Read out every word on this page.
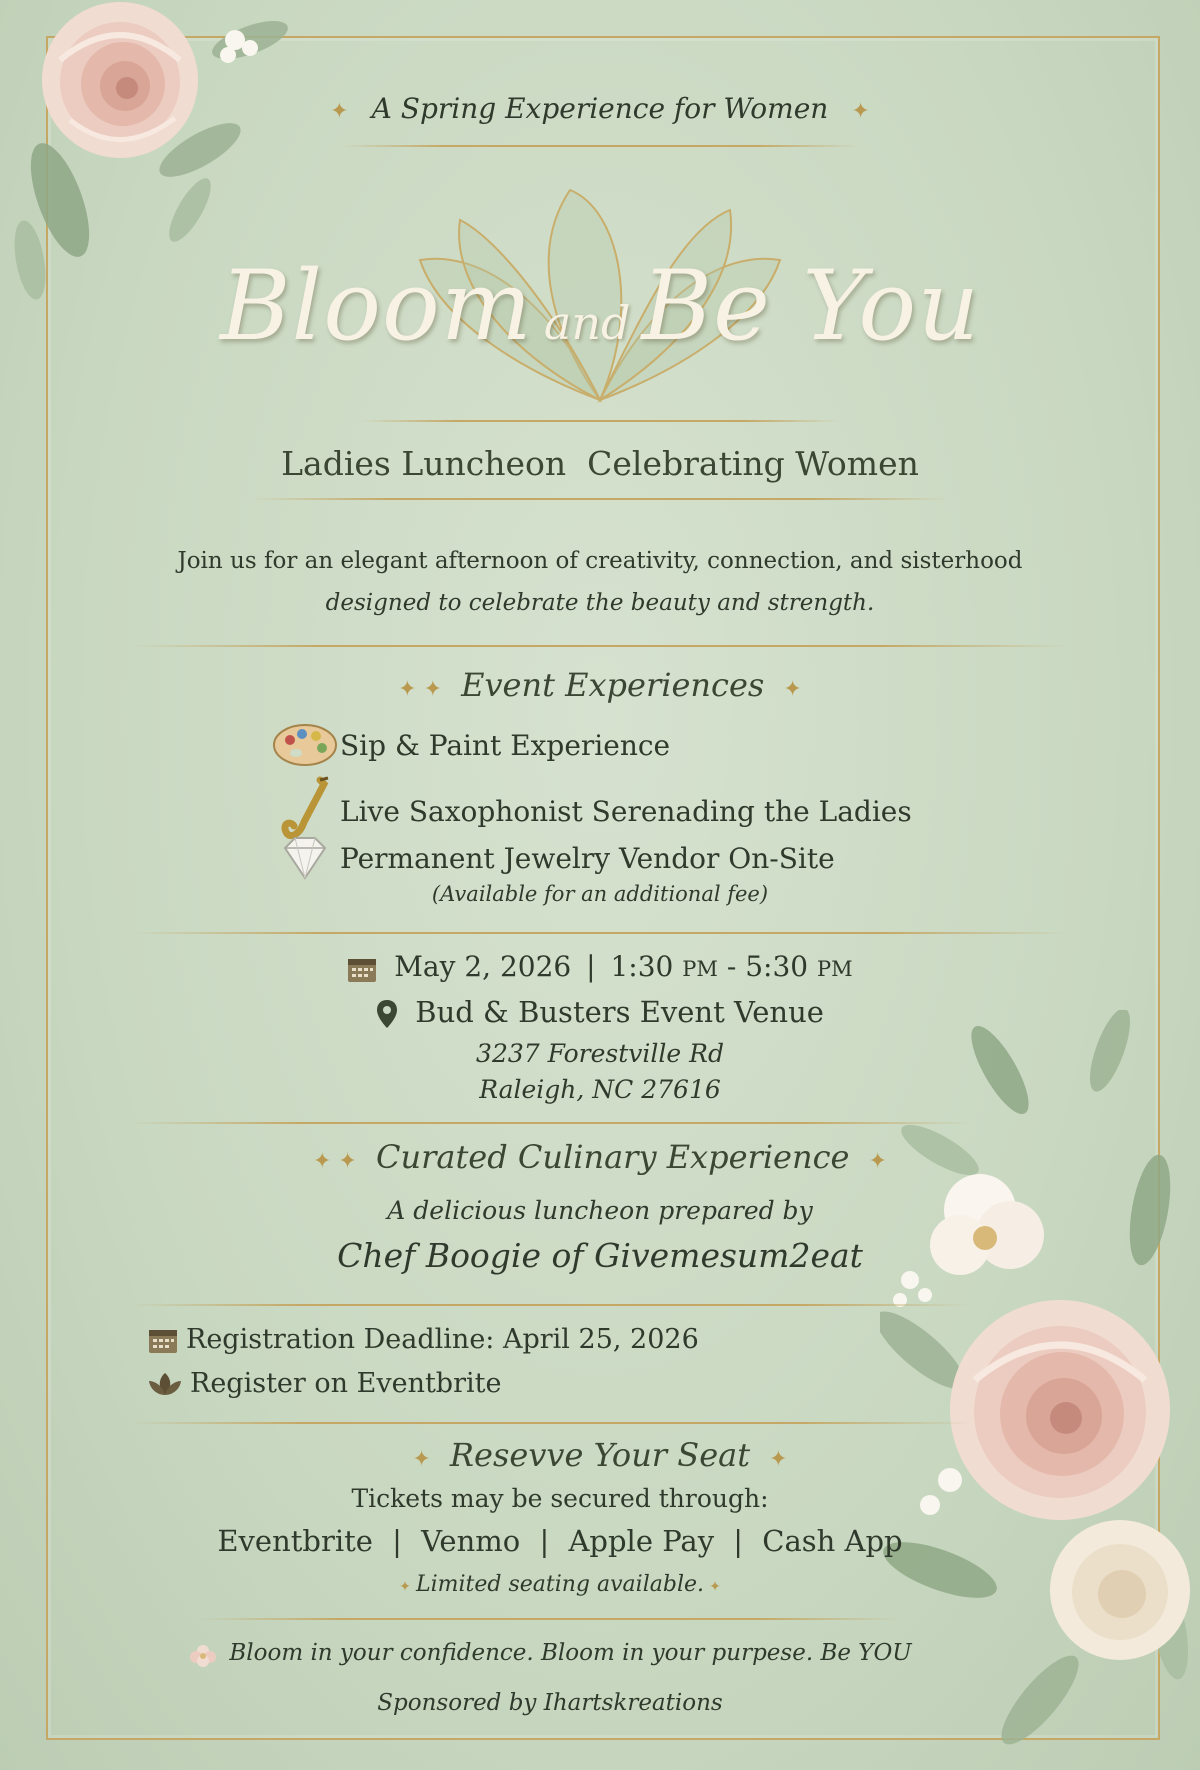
✦ A Spring Experience for Women ✦
Bloom and Be You
Ladies Luncheon  Celebrating Women
Join us for an elegant afternoon of creativity, connection, and sisterhood
designed to celebrate the beauty and strength.
✦ ✦ Event Experiences ✦
Sip & Paint Experience
Live Saxophonist Serenading the Ladies
Permanent Jewelry Vendor On-Site
(Available for an additional fee)
May 2, 2026 | 1:30 PM - 5:30 PM
Bud & Busters Event Venue
3237 Forestville Rd
Raleigh, NC 27616
✦ ✦ Curated Culinary Experience ✦
A delicious luncheon prepared by
Chef Boogie of Givemesum2eat
Registration Deadline: April 25, 2026
Register on Eventbrite
✦ Resevve Your Seat ✦
Tickets may be secured through:
Eventbrite | Venmo | Apple Pay | Cash App
✦ Limited seating available. ✦
Bloom in your confidence. Bloom in your purpese. Be YOU
Sponsored by Ihartskreations
